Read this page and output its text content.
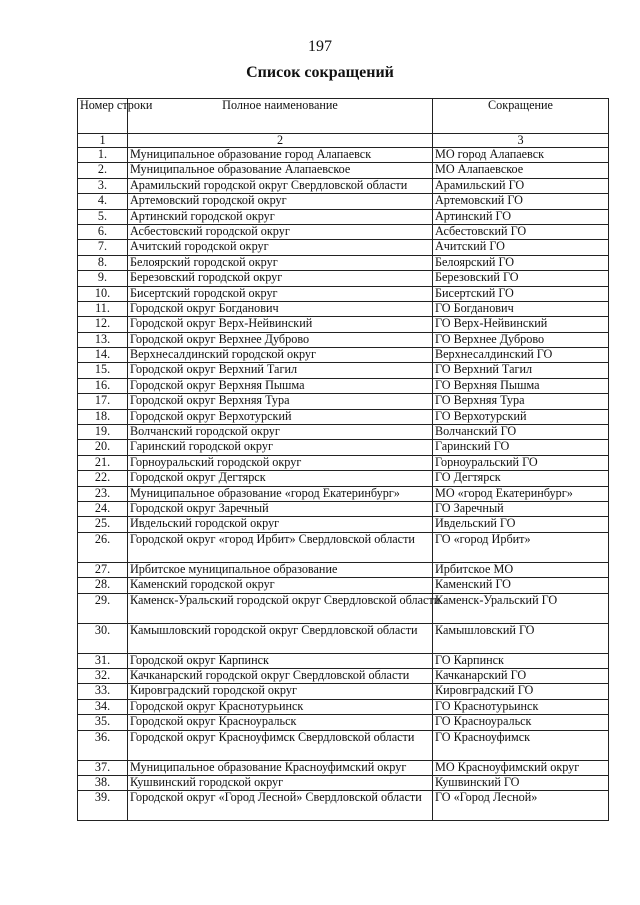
197
Список сокращений
Номер строки	Полное наименование	Сокращение
1	2	3
1.	Муниципальное образование город Алапаевск	МО город Алапаевск
2.	Муниципальное образование Алапаевское	МО Алапаевское
3.	Арамильский городской округ Свердловской области	Арамильский ГО
4.	Артемовский городской округ	Артемовский ГО
5.	Артинский городской округ	Артинский ГО
6.	Асбестовский городской округ	Асбестовский ГО
7.	Ачитский городской округ	Ачитский ГО
8.	Белоярский городской округ	Белоярский ГО
9.	Березовский городской округ	Березовский ГО
10.	Бисертский городской округ	Бисертский ГО
11.	Городской округ Богданович	ГО Богданович
12.	Городской округ Верх-Нейвинский	ГО Верх-Нейвинский
13.	Городской округ Верхнее Дуброво	ГО Верхнее Дуброво
14.	Верхнесалдинский городской округ	Верхнесалдинский ГО
15.	Городской округ Верхний Тагил	ГО Верхний Тагил
16.	Городской округ Верхняя Пышма	ГО Верхняя Пышма
17.	Городской округ Верхняя Тура	ГО Верхняя Тура
18.	Городской округ Верхотурский	ГО Верхотурский
19.	Волчанский городской округ	Волчанский ГО
20.	Гаринский городской округ	Гаринский ГО
21.	Горноуральский городской округ	Горноуральский ГО
22.	Городской округ Дегтярск	ГО Дегтярск
23.	Муниципальное образование «город Екатеринбург»	МО «город Екатеринбург»
24.	Городской округ Заречный	ГО Заречный
25.	Ивдельский городской округ	Ивдельский ГО
26.	Городской округ «город Ирбит» Свердловской области	ГО «город Ирбит»
27.	Ирбитское муниципальное образование	Ирбитское МО
28.	Каменский городской округ	Каменский ГО
29.	Каменск-Уральский городской округ Свердловской области	Каменск-Уральский ГО
30.	Камышловский городской округ Свердловской области	Камышловский ГО
31.	Городской округ Карпинск	ГО Карпинск
32.	Качканарский городской округ Свердловской области	Качканарский ГО
33.	Кировградский городской округ	Кировградский ГО
34.	Городской округ Краснотурьинск	ГО Краснотурьинск
35.	Городской округ Красноуральск	ГО Красноуральск
36.	Городской округ Красноуфимск Свердловской области	ГО Красноуфимск
37.	Муниципальное образование Красноуфимский округ	МО Красноуфимский округ
38.	Кушвинский городской округ	Кушвинский ГО
39.	Городской округ «Город Лесной» Свердловской области	ГО «Город Лесной»
